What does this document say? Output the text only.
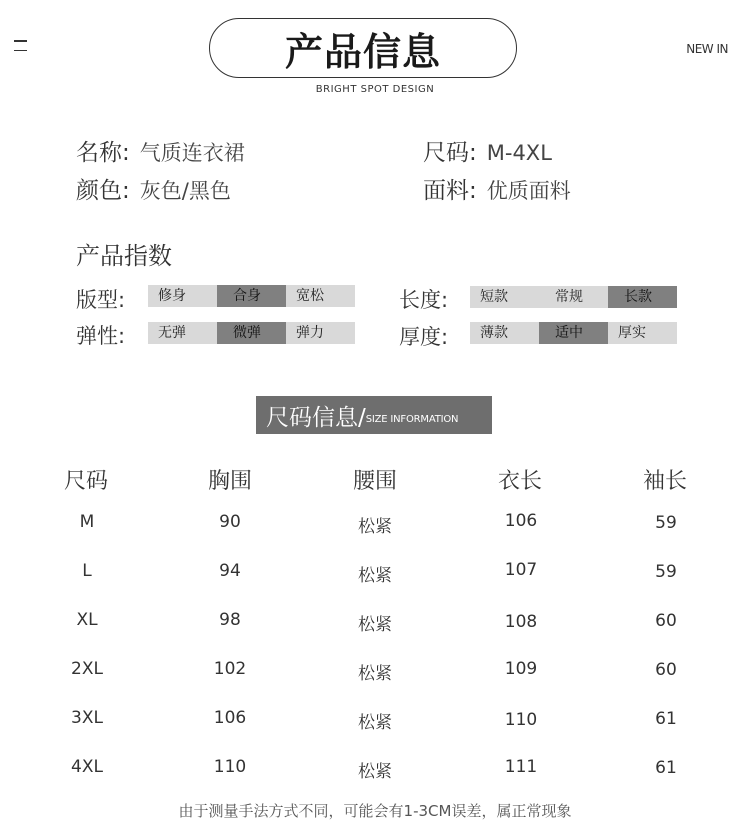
NEW IN
产品信息
BRIGHT SPOT DESIGN
名称: 气质连衣裙
颜色: 灰色/黑色
尺码: M-4XL
面料: 优质面料
产品指数
版型:	修身	合身	宽松	长度:	短款	常规	长款
弹性:	无弹	微弹	弹力	厚度:	薄款	适中	厚实
尺码信息/ SIZE INFORMATION
尺码	胸围	腰围	衣长	袖长
M	90	松紧	106	59
L	94	松紧	107	59
XL	98	松紧	108	60
2XL	102	松紧	109	60
3XL	106	松紧	110	61
4XL	110	松紧	111	61
由于测量手法方式不同，可能会有1-3CM误差，属正常现象
